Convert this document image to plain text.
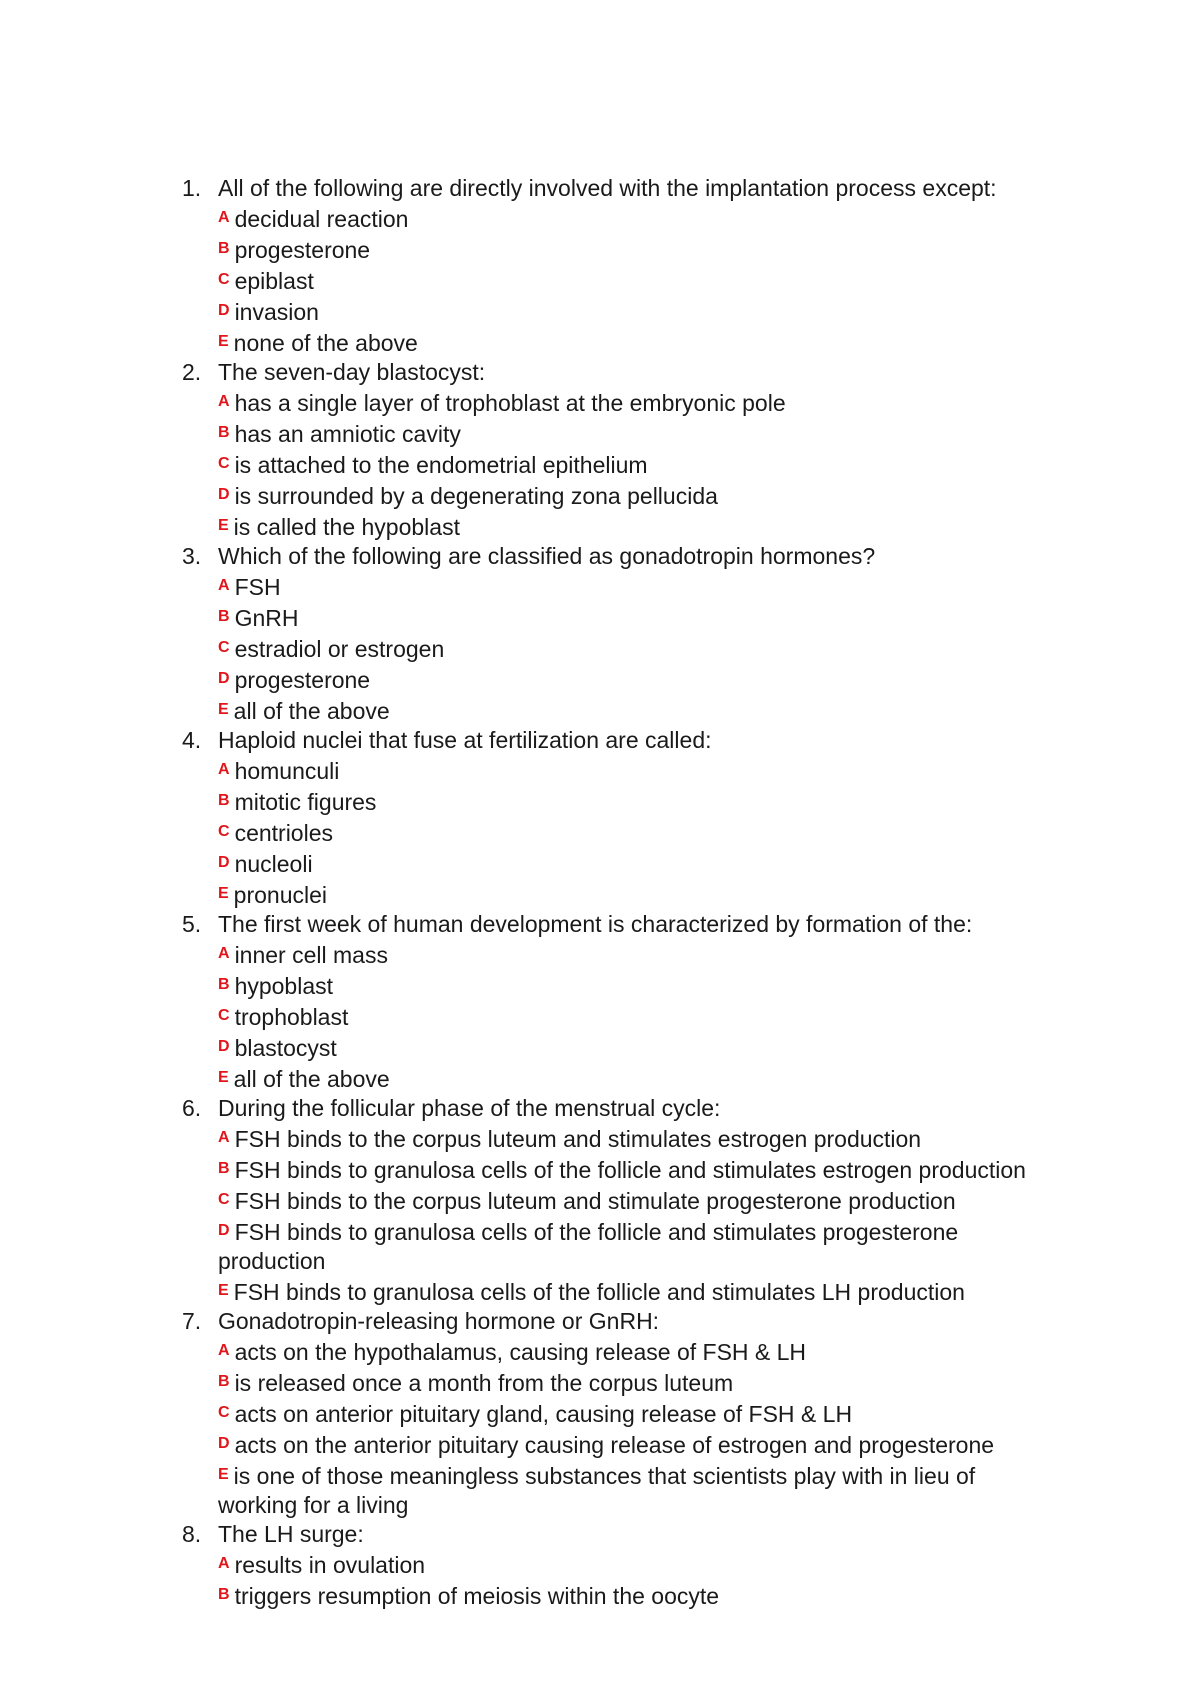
1. All of the following are directly involved with the implantation process except:
$^A$ decidual reaction
$^B$ progesterone
$^C$ epiblast
$^D$ invasion
$^E$ none of the above
2. The seven-day blastocyst:
$^A$ has a single layer of trophoblast at the embryonic pole
$^B$ has an amniotic cavity
$^C$ is attached to the endometrial epithelium
$^D$ is surrounded by a degenerating zona pellucida
$^E$ is called the hypoblast
3. Which of the following are classified as gonadotropin hormones?
$^A$ FSH
$^B$ GnRH
$^C$ estradiol or estrogen
$^D$ progesterone
$^E$ all of the above
4. Haploid nuclei that fuse at fertilization are called:
$^A$ homunculi
$^B$ mitotic figures
$^C$ centrioles
$^D$ nucleoli
$^E$ pronuclei
5. The first week of human development is characterized by formation of the:
$^A$ inner cell mass
$^B$ hypoblast
$^C$ trophoblast
$^D$ blastocyst
$^E$ all of the above
6. During the follicular phase of the menstrual cycle:
$^A$ FSH binds to the corpus luteum and stimulates estrogen production
$^B$ FSH binds to granulosa cells of the follicle and stimulates estrogen production
$^C$ FSH binds to the corpus luteum and stimulate progesterone production
$^D$ FSH binds to granulosa cells of the follicle and stimulates progesterone production
$^E$ FSH binds to granulosa cells of the follicle and stimulates LH production
7. Gonadotropin-releasing hormone or GnRH:
$^A$ acts on the hypothalamus, causing release of FSH & LH
$^B$ is released once a month from the corpus luteum
$^C$ acts on anterior pituitary gland, causing release of FSH & LH
$^D$ acts on the anterior pituitary causing release of estrogen and progesterone
$^E$ is one of those meaningless substances that scientists play with in lieu of working for a living
8. The LH surge:
$^A$ results in ovulation
$^B$ triggers resumption of meiosis within the oocyte
